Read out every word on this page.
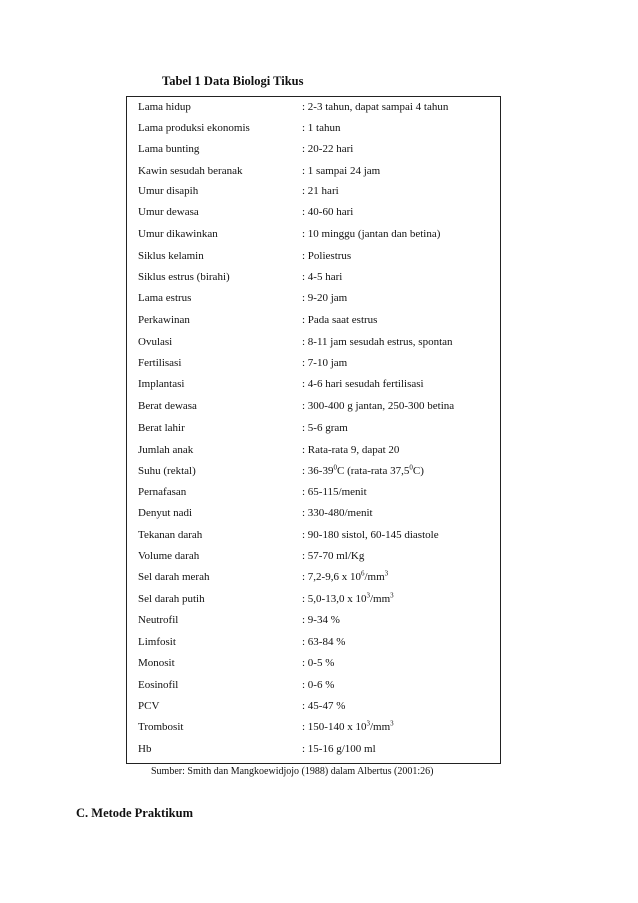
Tabel 1 Data Biologi Tikus
Lama hidup	: 2-3 tahun, dapat sampai 4 tahun
Lama produksi ekonomis	: 1 tahun
Lama bunting	: 20-22 hari
Kawin sesudah beranak	: 1 sampai 24 jam
Umur disapih	: 21 hari
Umur dewasa	: 40-60 hari
Umur dikawinkan	: 10 minggu (jantan dan betina)
Siklus kelamin	: Poliestrus
Siklus estrus (birahi)	: 4-5 hari
Lama estrus	: 9-20 jam
Perkawinan	: Pada saat estrus
Ovulasi	: 8-11 jam sesudah estrus, spontan
Fertilisasi	: 7-10 jam
Implantasi	: 4-6 hari sesudah fertilisasi
Berat dewasa	: 300-400 g jantan, 250-300 betina
Berat lahir	: 5-6 gram
Jumlah anak	: Rata-rata 9, dapat 20
Suhu (rektal)	: $36-39^0C$ (rata-rata 37,5$^0$C)
Pernafasan	: 65-115/menit
Denyut nadi	: 330-480/menit
Tekanan darah	: 90-180 sistol, 60-145 diastole
Volume darah	: 57-70 ml/Kg
Sel darah merah	: 7,2-9,6 x $10^6/mm^3$
Sel darah putih	: 5,0-13,0 x $10^3/mm^3$
Neutrofil	: 9-34 %
Limfosit	: 63-84 %
Monosit	: 0-5 %
Eosinofil	: 0-6 %
PCV	: 45-47 %
Trombosit	: 150-140 x $10^3/mm^3$
Hb	: 15-16 g/100 ml
Sumber: Smith dan Mangkoewidjojo (1988) dalam Albertus (2001:26)
C. Metode Praktikum
